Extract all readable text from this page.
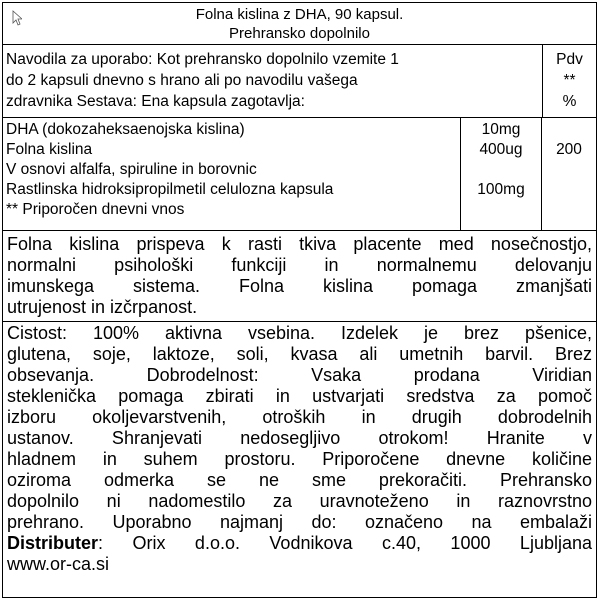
Folna kislina z DHA, 90 kapsul.
Prehransko dopolnilo
Navodila za uporabo: Kot prehransko dopolnilo vzemite 1
do 2 kapsuli dnevno s hrano ali po navodilu vašega
zdravnika Sestava: Ena kapsula zagotavlja:
Pdv
**
%
DHA (dokozaheksaenojska kislina)
Folna kislina
V osnovi alfalfa, spiruline in borovnic
Rastlinska hidroksipropilmetil celulozna kapsula
** Priporočen dnevni vnos
10mg
400ug
100mg
200
Folna kislina prispeva k rasti tkiva placente med nosečnostjo,
normalni psihološki funkciji in normalnemu delovanju
imunskega sistema. Folna kislina pomaga zmanjšati
utrujenost in izčrpanost.
Cistost: 100% aktivna vsebina. Izdelek je brez pšenice,
glutena, soje, laktoze, soli, kvasa ali umetnih barvil. Brez
obsevanja. Dobrodelnost: Vsaka prodana Viridian
stekleničkа pomaga zbirati in ustvarjati sredstva za pomoč
izboru okoljevarstvenih, otroških in drugih dobrodelnih
ustanov. Shranjevati nedosegljivo otrokom! Hranite v
hladnem in suhem prostoru. Priporočene dnevne količine
oziroma odmerka se ne sme prekoračiti. Prehransko
dopolnilo ni nadomestilo za uravnoteženo in raznovrstno
prehrano. Uporabno najmanj do: označeno na embalaži
Distributer: Orix d.o.o. Vodnikova c.40, 1000 Ljubljana
www.or-ca.si
